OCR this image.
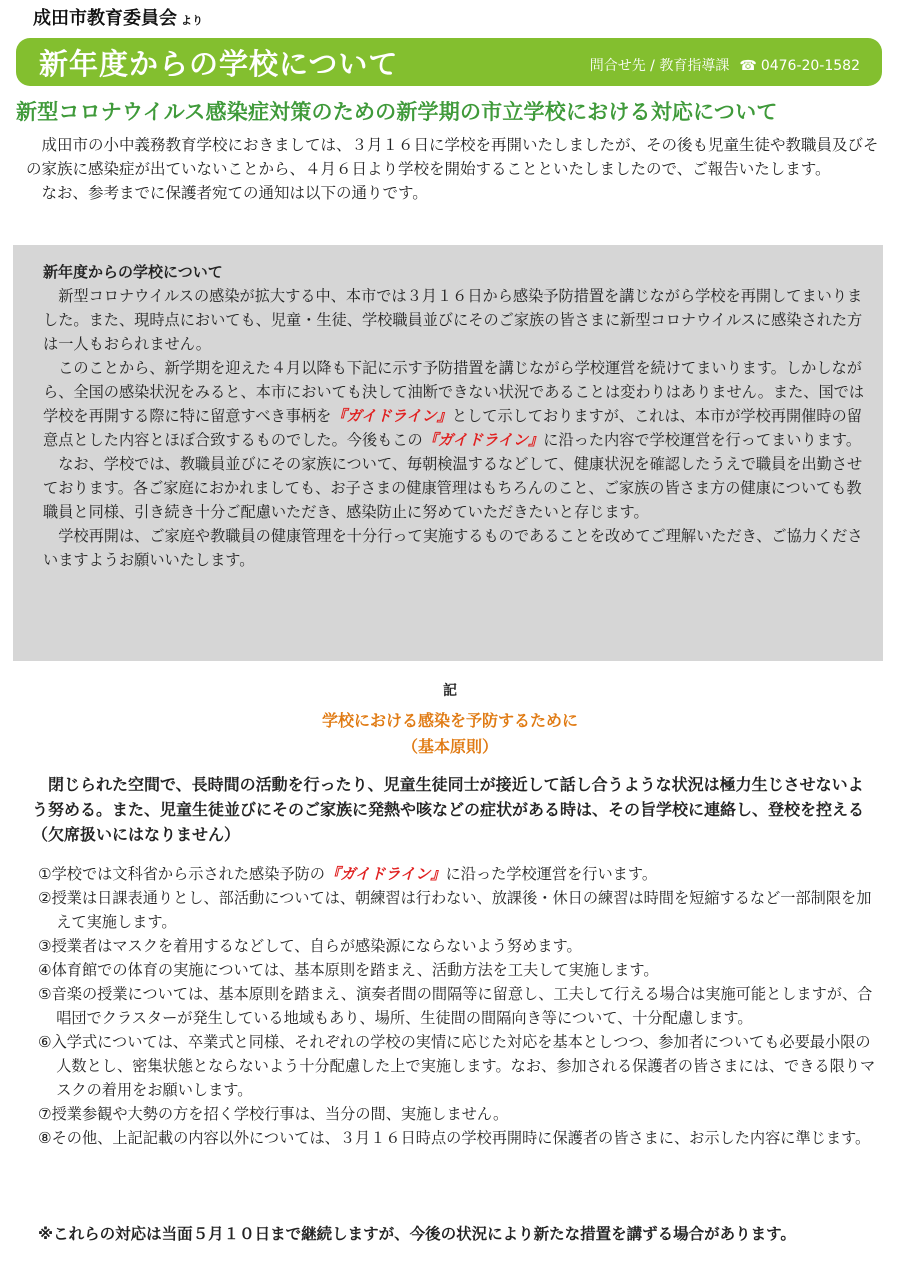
成田市教育委員会 より
新年度からの学校について	問合せ先 / 教育指導課 ☎ 0476-20-1582
新型コロナウイルス感染症対策のための新学期の市立学校における対応について

成田市の小中義務教育学校におきましては、３月１６日に学校を再開いたしましたが、その後も児童生徒や教職員及びその家族に感染症が出ていないことから、４月６日より学校を開始することといたしましたので、ご報告いたします。

なお、参考までに保護者宛ての通知は以下の通りです。

新年度からの学校について

新型コロナウイルスの感染が拡大する中、本市では３月１６日から感染予防措置を講じながら学校を再開してまいりました。また、現時点においても、児童・生徒、学校職員並びにそのご家族の皆さまに新型コロナウイルスに感染された方は一人もおられません。

このことから、新学期を迎えた４月以降も下記に示す予防措置を講じながら学校運営を続けてまいります。しかしながら、全国の感染状況をみると、本市においても決して油断できない状況であることは変わりはありません。また、国では学校を再開する際に特に留意すべき事柄を『ガイドライン』として示しておりますが、これは、本市が学校再開催時の留意点とした内容とほぼ合致するものでした。今後もこの『ガイドライン』に沿った内容で学校運営を行ってまいります。

なお、学校では、教職員並びにその家族について、毎朝検温するなどして、健康状況を確認したうえで職員を出勤させております。各ご家庭におかれましても、お子さまの健康管理はもちろんのこと、ご家族の皆さま方の健康についても教職員と同様、引き続き十分ご配慮いただき、感染防止に努めていただきたいと存じます。

学校再開は、ご家庭や教職員の健康管理を十分行って実施するものであることを改めてご理解いただき、ご協力くださいますようお願いいたします。

記
学校における感染を予防するために
（基本原則）
閉じられた空間で、長時間の活動を行ったり、児童生徒同士が接近して話し合うような状況は極力生じさせないよう努める。また、児童生徒並びにそのご家族に発熱や咳などの症状がある時は、その旨学校に連絡し、登校を控える（欠席扱いにはなりません）
①学校では文科省から示された感染予防の『ガイドライン』に沿った学校運営を行います。
②授業は日課表通りとし、部活動については、朝練習は行わない、放課後・休日の練習は時間を短縮するなど一部制限を加えて実施します。
③授業者はマスクを着用するなどして、自らが感染源にならないよう努めます。
④体育館での体育の実施については、基本原則を踏まえ、活動方法を工夫して実施します。
⑤音楽の授業については、基本原則を踏まえ、演奏者間の間隔等に留意し、工夫して行える場合は実施可能としますが、合唱団でクラスターが発生している地域もあり、場所、生徒間の間隔向き等について、十分配慮します。
⑥入学式については、卒業式と同様、それぞれの学校の実情に応じた対応を基本としつつ、参加者についても必要最小限の人数とし、密集状態とならないよう十分配慮した上で実施します。なお、参加される保護者の皆さまには、できる限りマスクの着用をお願いします。
⑦授業参観や大勢の方を招く学校行事は、当分の間、実施しません。
⑧その他、上記記載の内容以外については、３月１６日時点の学校再開時に保護者の皆さまに、お示した内容に準じます。
※これらの対応は当面５月１０日まで継続しますが、今後の状況により新たな措置を講ずる場合があります。
